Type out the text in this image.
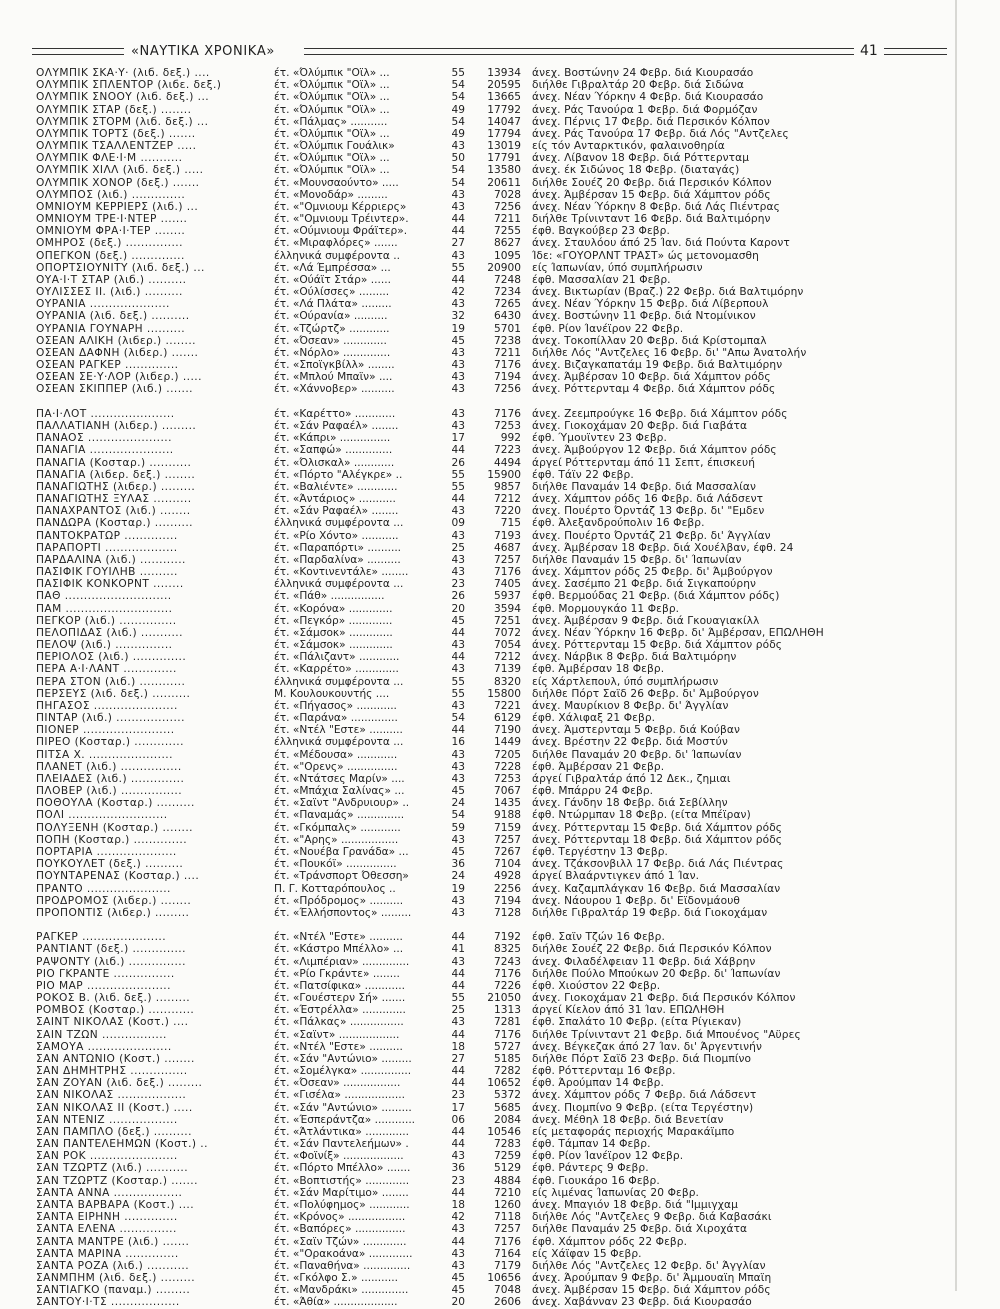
«ΝΑΥΤΙΚΑ ΧΡΟΝΙΚΑ»	41
ΟΛΥΜΠΙΚ ΣΚΑ·Υ· (λιб. δεξ.) ....	έτ. «Όλύμπικ "Οϊλ» ...	55	13934 άνεχ. Βοστώνην 24 Φεβρ. διά Κιουρασάο
ΟΛΥΜΠΙΚ ΣΠΛΕΝΤΟΡ (λιбε. δεξ.)	έτ. «Όλύμπικ "Οϊλ» ...	54	20595 διήλθε Γιβραλτάρ 20 Φεβρ. διά Σιδώνα
ΟΛΥΜΠΙΚ ΣΝΟΟΥ (λιб. δεξ.) ...	έτ. «Όλύμπικ "Οϊλ» ...	54	13665 άνεχ. Νέαν Ύόρκην 4 Φεβρ. διά Κιουρασάο
ΟΛΥΜΠΙΚ ΣΤΑΡ (δεξ.) ........	έτ. «Όλύμπικ "Οϊλ» ...	49	17792 άνεχ. Ράς Τανούρα 1 Φεβρ. διά Φορμόζαν
ΟΛΥΜΠΙΚ ΣΤΟΡΜ (λιб. δεξ.) ...	έτ. «Πάλμας» ...........	54	14047 άνεχ. Πέρνις 17 Φεβρ. διά Περσικόν Κόλπον
ΟΛΥΜΠΙΚ ΤΟΡΤΣ (δεξ.) .......	έτ. «Όλύμπικ "Οϊλ» ...	49	17794 άνεχ. Ράς Τανούρα 17 Φεβρ. διά Λός "Αντζελες
ΟΛΥΜΠΙΚ ΤΣΑΛΛΕΝΤΖΕΡ .....	έτ. «Όλύμπικ Γουάλικ»	43	13019 είς τόν Ανταρκτικόν, φαλαινοθηρία
ΟΛΥΜΠΙΚ ΦΛΕ·Ι·Μ ...........	έτ. «Όλύμπικ "Οϊλ» ...	50	17791 άνεχ. Λίβανον 18 Φεβρ. διά Ρόττερνταμ
ΟΛΥΜΠΙΚ ΧΙΛΛ (λιб. δεξ.) .....	έτ. «Όλύμπικ "Οϊλ» ...	54	13580 άνεχ. έκ Σιδώνος 18 Φεβρ. (διαταγάς)
ΟΛΥΜΠΙΚ ΧΟΝΟΡ (δεξ.) .......	έτ. «Μουνσαούντο» .....	54	20611 διήλθε Σουέζ 20 Φεβρ. διά Περσικόν Κόλπον
ΟΛΥΜΠΟΣ (λιб.) ..............	έτ. «Μονοδάρ» .........	43	7028 άνεχ. Άμβέρσαν 15 Φεβρ. διά Χάμπτον ρόδς
ΟΜΝΙΟΥΜ ΚΕΡΡΙΕΡΣ (λιб.) ...	έτ. «"Ομνιουμ Κέρριερς»	43	7256 άνεχ. Νέαν Ύόρκην 8 Φεβρ. διά Λάς Πιέντρας
ΟΜΝΙΟΥΜ ΤΡΕ·Ι·ΝΤΕΡ .......	έτ. «"Ομνιουμ Τρέιντερ».	44	7211 διήλθε Τρίνινταντ 16 Φεβρ. διά Βαλτιμόρην
ΟΜΝΙΟΥΜ ΦΡΑ·Ι·ΤΕΡ ........	έτ. «Ούμνιουμ Φράϊτερ».	44	7255 έφθ. Βαγκούβερ 23 Φεβρ.
ΟΜΗΡΟΣ (δεξ.) ...............	έτ. «Μιραφλόρες» .......	27	8627 άνεχ. Σταυλόου άπό 25 Ίαν. διά Πούντα Καροντ
ΟΠΕΓΚΟΝ (δεξ.) ..............	έλληνικά συμφέροντα ..	43	1095 Ίδε: «ΓΟΥΟΡΛΝΤ ΤΡΑΣΤ» ώς μετονομασθη
ΟΠΟΡΤΣΙΟΥΝΙΤΥ (λιб. δεξ.) ...	έτ. «Λά Έμπρέσσα» ...	55	20900 είς Ίαπωνίαν, ύπό συμπλήρωσιν
ΟΥΑ·Ι·Τ ΣΤΑΡ (λιб.) ..........	έτ. «Ούάϊτ Στάρ» ......	44	7248 έφθ. Μασσαλίαν 21 Φεβρ.
ΟΥΛΙΣΣΕΣ ΙΙ. (λιб.) ..........	έτ. «Ούλίσσες» .........	42	7234 άνεχ. Βικτωρίαν (Βραζ.) 22 Φεβρ. διά Βαλτιμόρην
ΟΥΡΑΝΙΑ .....................	έτ. «Λά Πλάτα» .........	43	7265 άνεχ. Νέαν Ύόρκην 15 Φεβρ. διά Λίβερπουλ
ΟΥΡΑΝΙΑ (λιб. δεξ.) ..........	έτ. «Ούρανία» ..........	32	6430 άνεχ. Βοστώνην 11 Φεβρ. διά Ντομίνικον
ΟΥΡΑΝΙΑ ΓΟΥΝΑΡΗ ..........	έτ. «Τζώρτζ» ............	19	5701 έφθ. Ρίον Ίανέϊρον 22 Φεβρ.
ΟΣΕΑΝ ΑΛΙΚΗ (λιбερ.) ........	έτ. «Όσεαν» .............	45	7238 άνεχ. Τοκοπίλλαν 20 Φεβρ. διά Κρίστομπαλ
ΟΣΕΑΝ ΔΑΦΝΗ (λιбερ.) .......	έτ. «Νόρλο» ..............	43	7211 διήλθε Λός "Αντζελες 16 Φεβρ. δι' "Απω Άνατολήν
ΟΣΕΑΝ ΡΑΓΚΕΡ ..............	έτ. «Σποϊγκβίλλ» ........	43	7176 άνεχ. Βιζαγκαπατάμ 19 Φεβρ. διά Βαλτιμόρην
ΟΣΕΑΝ ΣΕ·Υ·ΛΟΡ (λιбερ.) .....	έτ. «Μπλού Μπαϊν» ....	43	7194 άνεχ. Άμβέρσαν 10 Φεβρ. διά Χάμπτον ρόδς
ΟΣΕΑΝ ΣΚΙΠΠΕΡ (λιб.) .......	έτ. «Χάννοβερ» ..........	43	7256 άνεχ. Ρόττερνταμ 4 Φεβρ. διά Χάμπτον ρόδς
ΠΑ·Ι·ΛΟΤ ......................	έτ. «Καρέττο» ............	43	7176 άνεχ. Ζεεμπρούγκε 16 Φεβρ. διά Χάμπτον ρόδς
ΠΑΛΛΑΤΙΑΝΗ (λιбερ.) .........	έτ. «Σάν Ραφαέλ» ........	43	7253 άνεχ. Γιοκοχάμαν 20 Φεβρ. διά Γιαβάτα
ΠΑΝΑΟΣ ......................	έτ. «Κάπρι» ...............	17	992 έφθ. Ύμουϊντεν 23 Φεβρ.
ΠΑΝΑΓΙΑ ......................	έτ. «Σαπφώ» ..............	44	7223 άνεχ. Άμβούργον 12 Φεβρ. διά Χάμπτον ρόδς
ΠΑΝΑΓΙΑ (Κοσταρ.) ...........	έτ. «Όλισκαλ» ............	26	4494 άργεί Ρόττερνταμ άπό 11 Σεπτ, έπισκευή
ΠΑΝΑΓΙΑ (λιбερ. δεξ.) ........	έτ. «Πόρτο "Αλέγκρε» ..	55	15900 έφθ. Τάϊν 22 Φεβρ.
ΠΑΝΑΓΙΩΤΗΣ (λιбερ.) .........	έτ. «Βαλιέντε» ............	55	9857 διήλθε Παναμάν 14 Φεβρ. διά Μασσαλίαν
ΠΑΝΑΓΙΩΤΗΣ ΞΥΛΑΣ ..........	έτ. «Άντάριος» ...........	44	7212 άνεχ. Χάμπτον ρόδς 16 Φεβρ. διά Λάδσεντ
ΠΑΝΑΧΡΑΝΤΟΣ (λιб.) ........	έτ. «Σάν Ραφαέλ» ........	43	7220 άνεχ. Πουέρτο Όρντάζ 13 Φεβρ. δι' "Εμδεν
ΠΑΝΔΩΡΑ (Κοσταρ.) ..........	έλληνικά συμφέροντα ...	09	715 έφθ. Άλεξανδρούπολιν 16 Φεβρ.
ΠΑΝΤΟΚΡΑΤΩΡ ..............	έτ. «Ρίο Χόντο» ...........	43	7193 άνεχ. Πουέρτο Όρντάζ 21 Φεβρ. δι' Άγγλίαν
ΠΑΡΑΠΟΡΤΙ ...................	έτ. «Παραπόρτι» ..........	25	4687 άνεχ. Άμβέρσαν 18 Φεβρ. διά Χουέλβαν, έφθ. 24
ΠΑΡΔΑΛΙΝΑ (λιб.) ............	έτ. «Παρδαλίνα» ..........	43	7257 διήλθε Παναμάν 15 Φεβρ. δι' Ίαπωνίαν
ΠΑΣΙΦΙΚ ΓΟΥΙΛΗΒ ..........	έτ. «Κοντινεντάλε» ........	43	7176 άνεχ. Χάμπτον ρόδς 25 Φεβρ. δι' Άμβούργον
ΠΑΣΙΦΙΚ ΚΟΝΚΟΡΝΤ ........	έλληνικά συμφέροντα ...	23	7405 άνεχ. Σασέμπο 21 Φεβρ. διά Σιγκαπούρην
ΠΑΘ ............................	έτ. «Πάθ» ................	26	5937 έφθ. Βερμούδας 21 Φεβρ. (διά Χάμπτον ρόδς)
ΠΑΜ ............................	έτ. «Κορόνα» .............	20	3594 έφθ. Μορμουγκάο 11 Φεβρ.
ΠΕΓΚΟΡ (λιб.) ...............	έτ. «Πεγκόρ» .............	45	7251 άνεχ. Άμβέρσαν 9 Φεβρ. διά Γκουαγιακίλλ
ΠΕΛΟΠΙΔΑΣ (λιб.) ...........	έτ. «Σάμσοκ» .............	44	7072 άνεχ. Νέαν Ύόρκην 16 Φεβρ. δι' Άμβέρσαν, ΕΠΩΛΗΘΗ
ΠΕΛΟΨ (λιб.) ...............	έτ. «Σάμσοκ» .............	43	7054 άνεχ. Ρόττερνταμ 15 Φεβρ. διά Χάμπτον ρόδς
ΠΕΡΙΟΛΟΣ (λιб.) ..............	έτ. «Πάλιζαντ» ............	44	7212 άνεχ. Νάρβικ 8 Φεβρ. διά Βαλτιμόρην
ΠΕΡΑ Α·Ι·ΛΑΝΤ ..............	έτ. «Καρρέτο» .............	43	7139 έφθ. Άμβέρσαν 18 Φεβρ.
ΠΕΡΑ ΣΤΟΝ (λιб.) ............	έλληνικά συμφέροντα ...	55	8320 είς Χάρτλεπουλ, ύπό συμπλήρωσιν
ΠΕΡΣΕΥΣ (λιб. δεξ.) ..........	Μ. Κουλουκουντής ....	55	15800 διήλθε Πόρτ Σαϊδ 26 Φεβρ. δι' Άμβούργον
ΠΗΓΑΣΟΣ ......................	έτ. «Πήγασος» ............	43	7221 άνεχ. Μαυρίκιον 8 Φεβρ. δι' Άγγλίαν
ΠΙΝΤΑΡ (λιб.) ..................	έτ. «Παράνα» ..............	54	6129 έφθ. Χάλιφαξ 21 Φεβρ.
ΠΙΟΝΕΡ ........................	έτ. «Ντέλ "Εστε» ..........	44	7190 άνεχ. Άμστερνταμ 5 Φεβρ. διά Κούβαν
ΠΙΡΕΟ (Κοσταρ.) .............	έλληνικά συμφέροντα ...	16	1449 άνεχ. Βρέστην 22 Φεβρ. διά Μοστύν
ΠΙΤΣΑ Χ. ......................	έτ. «Μέδουσα» ............	43	7205 διήλθε Παναμάν 20 Φεβρ. δι' Ίαπωνίαν
ΠΛΑΝΕΤ (λιб.) ................	έτ. «"Ορενς» ...............	43	7228 έφθ. Άμβέρσαν 21 Φεβρ.
ΠΛΕΙΑΔΕΣ (λιб.) ..............	έτ. «Ντάτσες Μαρίν» ....	43	7253 άργεί Γιβραλτάρ άπό 12 Δεκ., ζημιαι
ΠΛΟΒΕΡ (λιб.) ................	έτ. «Μπάχια Σαλίνας» ...	45	7067 έφθ. Μπάρρυ 24 Φεβρ.
ΠΟΘΟΥΛΑ (Κοσταρ.) ..........	έτ. «Σαϊντ "Ανδρυιουρ» ..	24	1435 άνεχ. Γάνδην 18 Φεβρ. διά Σεβίλλην
ΠΟΛΙ ..........................	έτ. «Παναμάς» ..............	54	9188 έφθ. Ντώρμπαν 18 Φεβρ. (είτα Μπέϊραν)
ΠΟΛΥΞΕΝΗ (Κοσταρ.) ........	έτ. «Γκόμπαλς» ............	59	7159 άνεχ. Ρόττερνταμ 15 Φεβρ. διά Χάμπτον ρόδς
ΠΟΠΗ (Κοσταρ.) ..............	έτ. «"Αρης» .................	43	7257 άνεχ. Ρόττερνταμ 18 Φεβρ. διά Χάμπτον ρόδς
ΠΟΡΤΑΡΙΑ .....................	έτ. «Νουέβα Γρανάδα» ...	45	7267 έφθ. Τεργέστην 13 Φεβρ.
ΠΟΥΚΟΥΛΕΤ (δεξ.) ..........	έτ. «Πουκόϊ» ...............	36	7104 άνεχ. Τζάκσονβιλλ 17 Φεβρ. διά Λάς Πιέντρας
ΠΟΥΝΤΑΡΕΝΑΣ (Κοσταρ.) ....	έτ. «Τράνσπορτ Όθεσση»	24	4928 άργεί Βλαάρντιγκεν άπό 1 Ίαν.
ΠΡΑΝΤΟ ......................	Π. Γ. Κοτταρόπουλος ..	19	2256 άνεχ. Καζαμπλάγκαν 16 Φεβρ. διά Μασσαλίαν
ΠΡΟΔΡΟΜΟΣ (λιбερ.) ........	έτ. «Πρόδρομος» ..........	43	7194 άνεχ. Νάουρου 1 Φεβρ. δι' Εϊδονμάουθ
ΠΡΟΠΟΝΤΙΣ (λιбερ.) .........	έτ. «Έλλήσποντος» .........	43	7128 διήλθε Γιβραλτάρ 19 Φεβρ. διά Γιοκοχάμαν
ΡΑΓΚΕΡ ......................	έτ. «Ντέλ "Εστε» ..........	44	7192 έφθ. Σαϊν Τζών 16 Φεβρ.
ΡΑΝΤΙΑΝΤ (δεξ.) ..............	έτ. «Κάστρο Μπέλλο» ...	41	8325 διήλθε Σουέζ 22 Φεβρ. διά Περσικόν Κόλπον
ΡΑΨΟΝΤΥ (λιб.) ...............	έτ. «Λιμπέριαν» ..............	43	7243 άνεχ. Φιλαδέλφειαν 11 Φεβρ. διά Χάβρην
ΡΙΟ ΓΚΡΑΝΤΕ ................	έτ. «Ρίο Γκράντε» ........	44	7176 διήλθε Πούλο Μπούκων 20 Φεβρ. δι' Ίαπωνίαν
ΡΙΟ ΜΑΡ ......................	έτ. «Πατσίφικα» ............	44	7226 έφθ. Χιούστον 22 Φεβρ.
ΡΟΚΟΣ Β. (λιб. δεξ.) .........	έτ. «Γουέστερν Σή» .......	55	21050 άνεχ. Γιοκοχάμαν 21 Φεβρ. διά Περσικόν Κόλπον
ΡΟΜΒΟΣ (Κοσταρ.) ............	έτ. «Έστρέλλα» .............	25	1313 άργεί Κίελον άπό 31 Ίαν. ΕΠΩΛΗΘΗ
ΣΑΙΝΤ ΝΙΚΟΛΑΣ (Κοστ.) ....	έτ. «Πάλκας» ................	43	7281 έφθ. Σπαλάτο 10 Φεβρ. (είτα Ρίγιεκαν)
ΣΑΙΝ ΤΖΩΝ .................	έτ. «Σαϊντ» ..................	44	7176 διήλθε Τρίνινταντ 21 Φεβρ. διά Μπουένος "Αϋρες
ΣΑΜΟΥΑ ......................	έτ. «Ντέλ "Εστε» ..........	18	5727 άνεχ. Βέγκεζακ άπό 27 Ίαν. δι' Άργεντινήν
ΣΑΝ ΑΝΤΩΝΙΟ (Κοστ.) ........	έτ. «Σάν "Αντώνιο» .........	27	5185 διήλθε Πόρτ Σαϊδ 23 Φεβρ. διά Πιομπίνο
ΣΑΝ ΔΗΜΗΤΡΗΣ ...............	έτ. «Σομέλγκα» ...............	44	7282 έφθ. Ρόττερνταμ 16 Φεβρ.
ΣΑΝ ΖΟΥΑΝ (λιб. δεξ.) .........	έτ. «Όσεαν» .................	44	10652 έφθ. Άρούμπαν 14 Φεβρ.
ΣΑΝ ΝΙΚΟΛΑΣ ..................	έτ. «Γισέλα» ..................	23	5372 άνεχ. Χάμπτον ρόδς 7 Φεβρ. διά Λάδσεντ
ΣΑΝ ΝΙΚΟΛΑΣ ΙΙ (Κοστ.) .....	έτ. «Σάν "Αντώνιο» .........	17	5685 άνεχ. Πιομπίνο 9 Φεβρ. (είτα Τεργέστην)
ΣΑΝ ΝΤΕΝΙΖ ..................	έτ. «Έσπεράντζα» ............	06	2084 άνεχ. Μέθηλ 18 Φεβρ. διά Βενετίαν
ΣΑΝ ΠΑΜΠΛΟ (δεξ.) ..........	έτ. «Άτλάντικα» .............	44	10546 είς μεταφοράς περιοχής Μαρακάϊμπο
ΣΑΝ ΠΑΝΤΕΛΕΗΜΩΝ (Κοστ.) ..	έτ. «Σάν Παντελεήμων» .	44	7283 έφθ. Τάμπαν 14 Φεβρ.
ΣΑΝ ΡΟΚ .......................	έτ. «Φοϊνίξ» ..................	43	7259 έφθ. Ρίον Ίανέϊρον 12 Φεβρ.
ΣΑΝ ΤΖΩΡΤΖ (λιб.) ...........	έτ. «Πόρτο Μπέλλο» .......	36	5129 έφθ. Ράντερς 9 Φεβρ.
ΣΑΝ ΤΖΩΡΤΖ (Κοσταρ.) .......	έτ. «Βοπτιστής» .............	23	4884 έφθ. Γιουκάρο 16 Φεβρ.
ΣΑΝΤΑ ΑΝΝΑ ..................	έτ. «Σάν Μαρίτιμο» ........	44	7210 είς λιμένας Ίαπωνίας 20 Φεβρ.
ΣΑΝΤΑ ΒΑΡΒΑΡΑ (Κοστ.) ....	έτ. «Πολύφημος» ............	18	1260 άνεχ. Μπαγιόν 18 Φεβρ. διά "Ιμμιγχαμ
ΣΑΝΤΑ ΕΙΡΗΝΗ ..............	έτ. «Κρόνος» .................	42	7118 διήλθε Λός "Αντζελες 9 Φεβρ. διά Καβασάκι
ΣΑΝΤΑ ΕΛΕΝΑ ...............	έτ. «Βαπόρες» ...............	43	7257 διήλθε Παναμάν 25 Φεβρ. διά Χιροχάτα
ΣΑΝΤΑ ΜΑΝΤΡΕ (λιб.) .......	έτ. «Σαϊν Τζών» .............	44	7176 έφθ. Χάμπτον ρόδς 22 Φεβρ.
ΣΑΝΤΑ ΜΑΡΙΝΑ ..............	έτ. «"Ορακοάνα» .............	43	7164 είς Χάϊφαν 15 Φεβρ.
ΣΑΝΤΑ ΡΟΖΑ (λιб.) ...........	έτ. «Παναθήνα» ..............	43	7179 διήλθε Λός "Αντζελες 12 Φεβρ. δι' Άγγλίαν
ΣΑΝΜΠΗΜ (λιб. δεξ.) .........	έτ. «Γκόλφο Σ.» ...........	45	10656 άνεχ. Άρούμπαν 9 Φεβρ. δι' Άμμουαϊη Μπαϊη
ΣΑΝΤΙΑΓΚΟ (παναμ.) .........	έτ. «Μανδράκι» ..............	45	7048 άνεχ. Άμβέρσαν 15 Φεβρ. διά Χάμπτον ρόδς
ΣΑΝΤΟΥ·Ι·ΤΣ ..................	έτ. «Άθία» ...................	20	2606 άνεχ. Χαβάνναν 23 Φεβρ. διά Κιουρασάο
